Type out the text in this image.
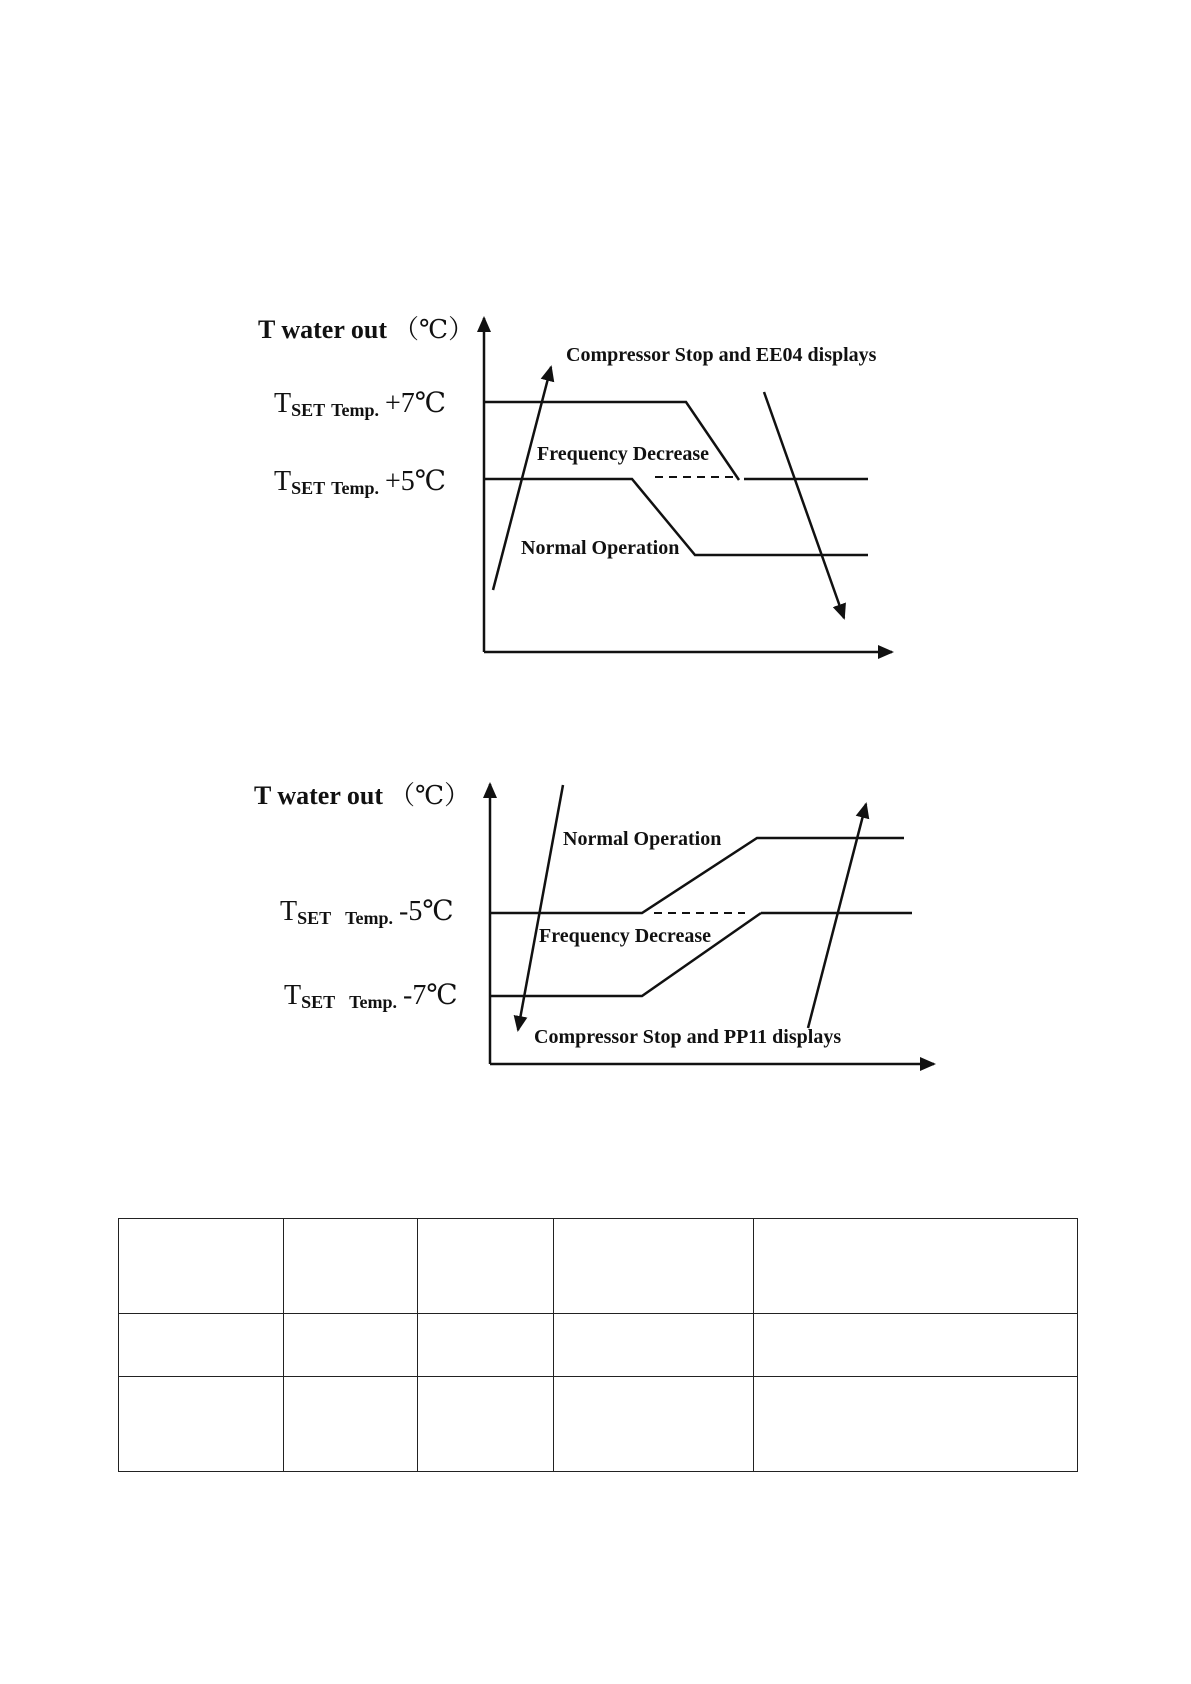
T water out （℃）
TSET Temp. +7℃
TSET Temp. +5℃
Compressor Stop and EE04 displays
Frequency Decrease
Normal Operation
T water out （℃）
TSET Temp. -5℃
TSET Temp. -7℃
Normal Operation
Frequency Decrease
Compressor Stop and PP11 displays
